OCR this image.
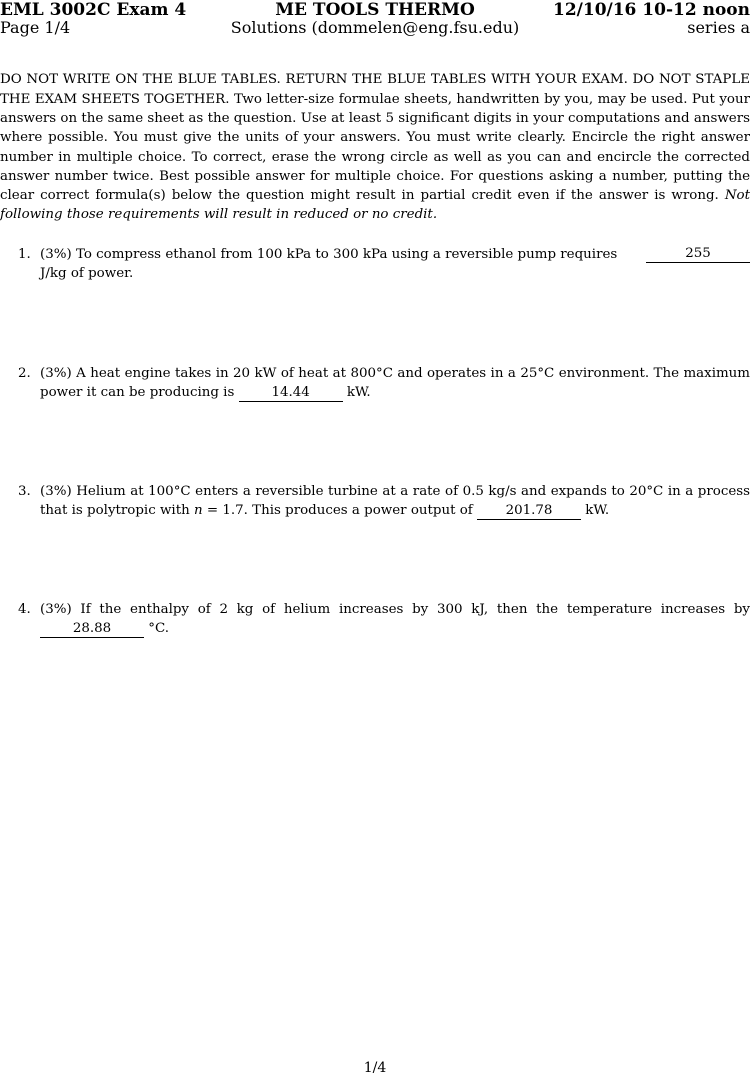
EML 3002C Exam 4	ME TOOLS THERMO	12/10/16 10-12 noon
Page 1/4	Solutions (dommelen@eng.fsu.edu)	series a

DO NOT WRITE ON THE BLUE TABLES. RETURN THE BLUE TABLES WITH YOUR EXAM. DO NOT STAPLE THE EXAM SHEETS TOGETHER. Two letter-size formulae sheets, handwritten by you, may be used. Put your answers on the same sheet as the question. Use at least 5 significant digits in your computations and answers where possible. You must give the units of your answers. You must write clearly. Encircle the right answer number in multiple choice. To correct, erase the wrong circle as well as you can and encircle the corrected answer number twice. Best possible answer for multiple choice. For questions asking a number, putting the clear correct formula(s) below the question might result in partial credit even if the answer is wrong. Not following those requirements will result in reduced or no credit.

1.	255
(3%) To compress ethanol from 100 kPa to 300 kPa using a reversible pump requires
J/kg of power.
2. (3%) A heat engine takes in 20 kW of heat at 800°C and operates in a 25°C environment. The maximum power it can be producing is	14.44	kW.
3. (3%) Helium at 100°C enters a reversible turbine at a rate of 0.5 kg/s and expands to 20°C in a process that is polytropic with n = 1.7. This produces a power output of 201.78 kW.
4. (3%) If the enthalpy of 2 kg of helium increases by 300 kJ, then the temperature increases by 28.88	°C.
1/4
